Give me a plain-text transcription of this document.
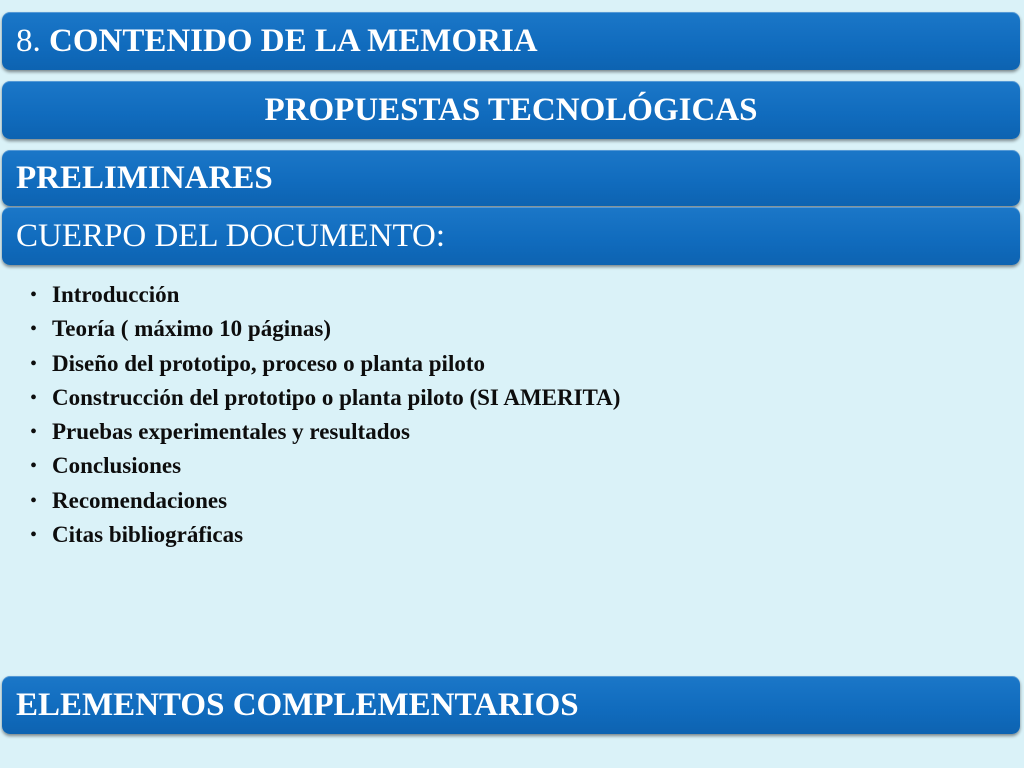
8.
CONTENIDO DE LA MEMORIA
PROPUESTAS TECNOLÓGICAS
PRELIMINARES
CUERPO DEL DOCUMENTO:
• Introducción
• Teoría ( máximo 10 páginas)
• Diseño del prototipo, proceso o planta piloto
• Construcción del prototipo o planta piloto (SI AMERITA)
• Pruebas experimentales y resultados
• Conclusiones
• Recomendaciones
• Citas bibliográficas
ELEMENTOS COMPLEMENTARIOS
